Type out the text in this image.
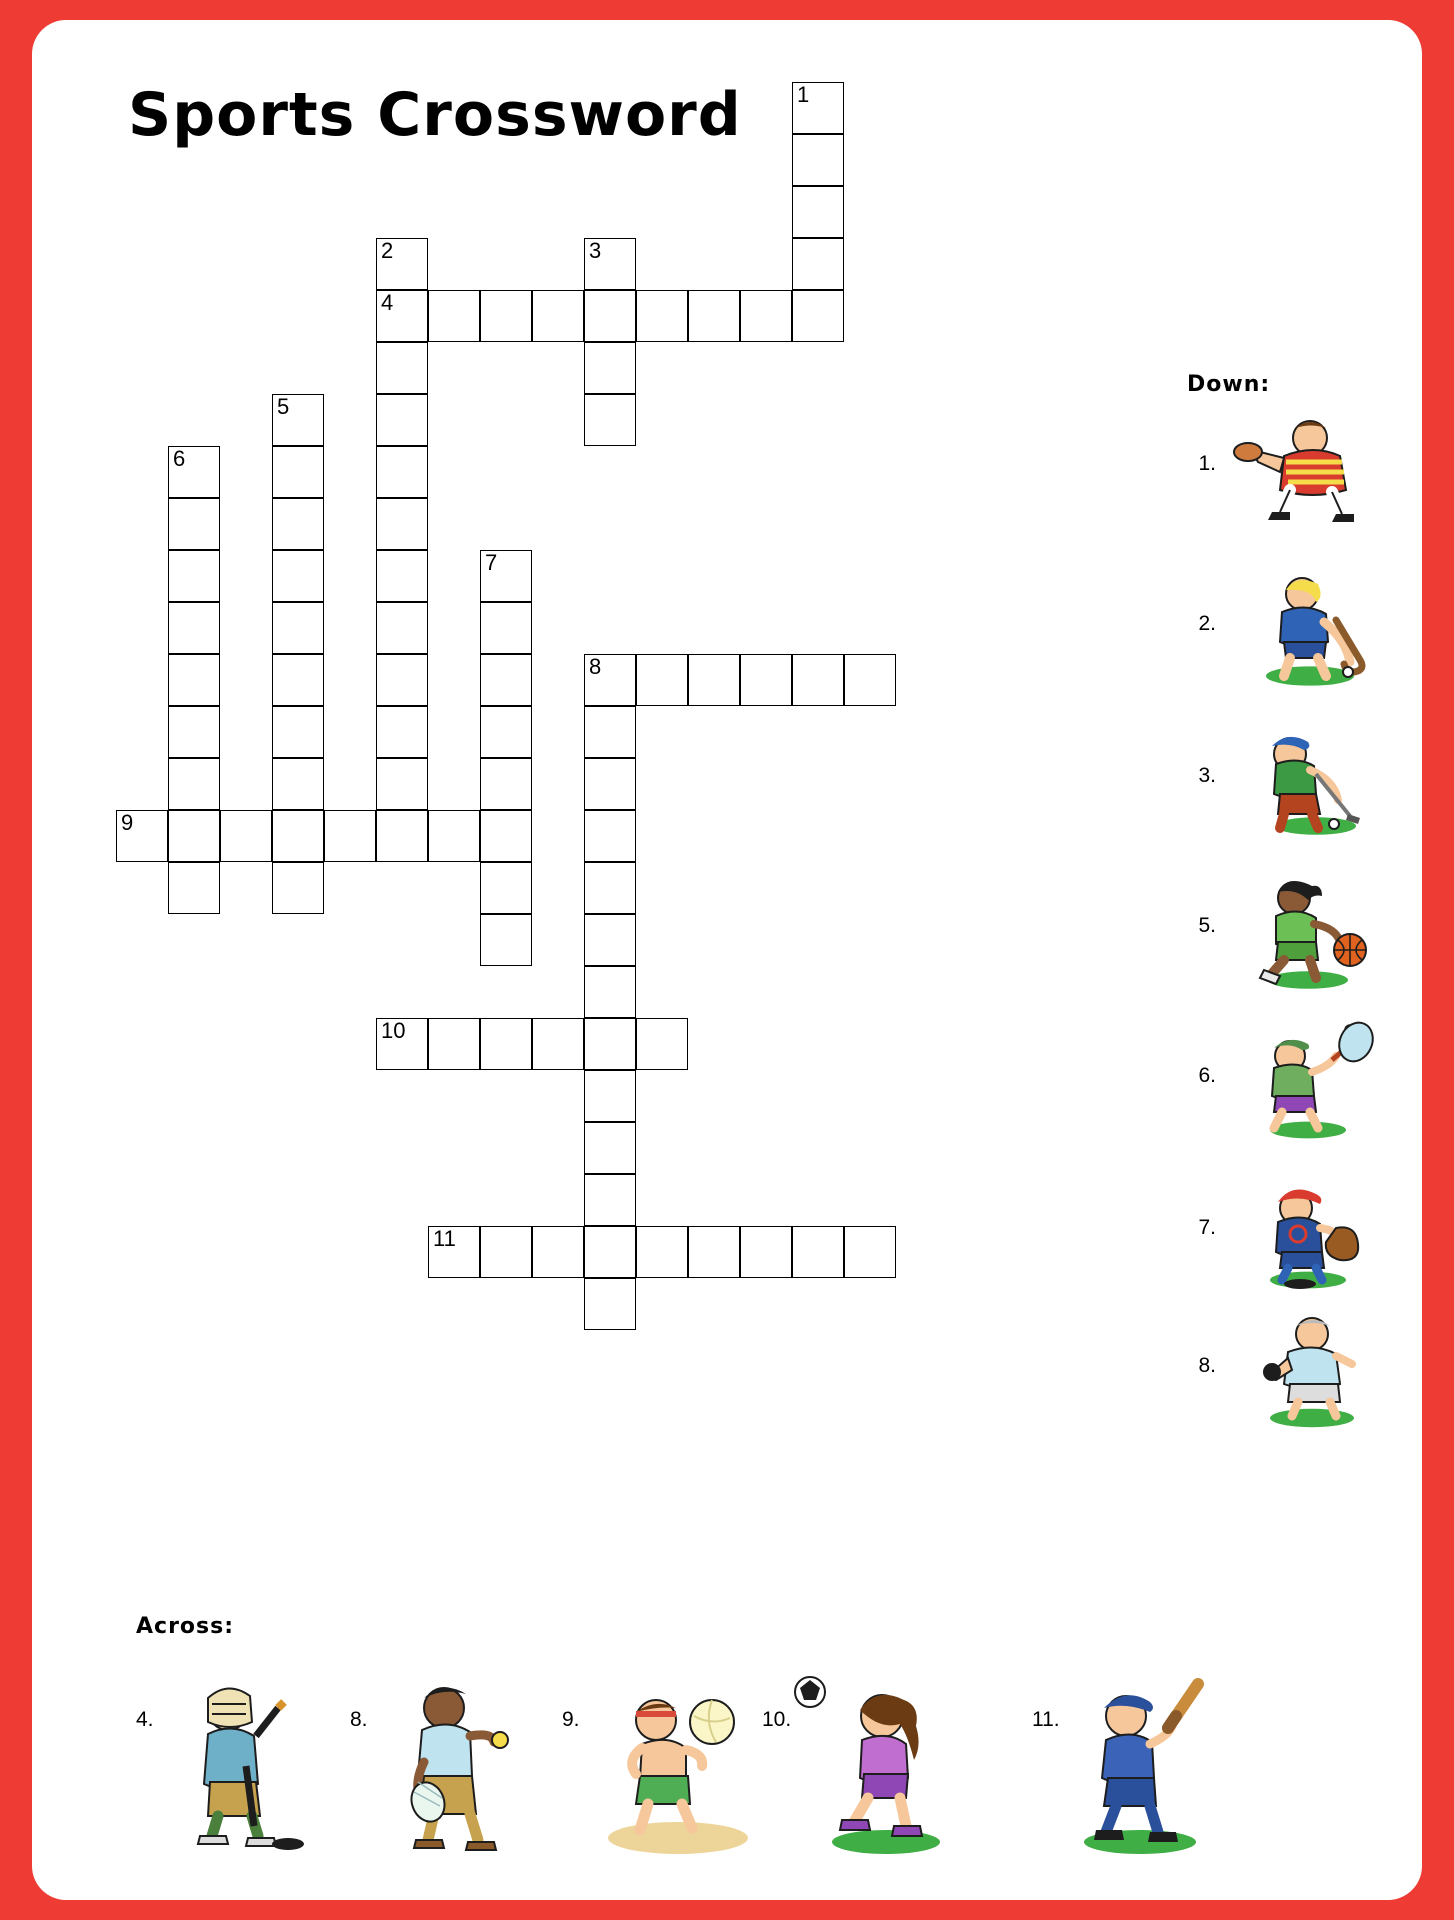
Sports Crossword	1
2
4
3
5
6
7
8
9
10
11
Down:
1.
2.
3.
5.
6.
7.
8.
Across:
4.	8.	9.	10.	11.
